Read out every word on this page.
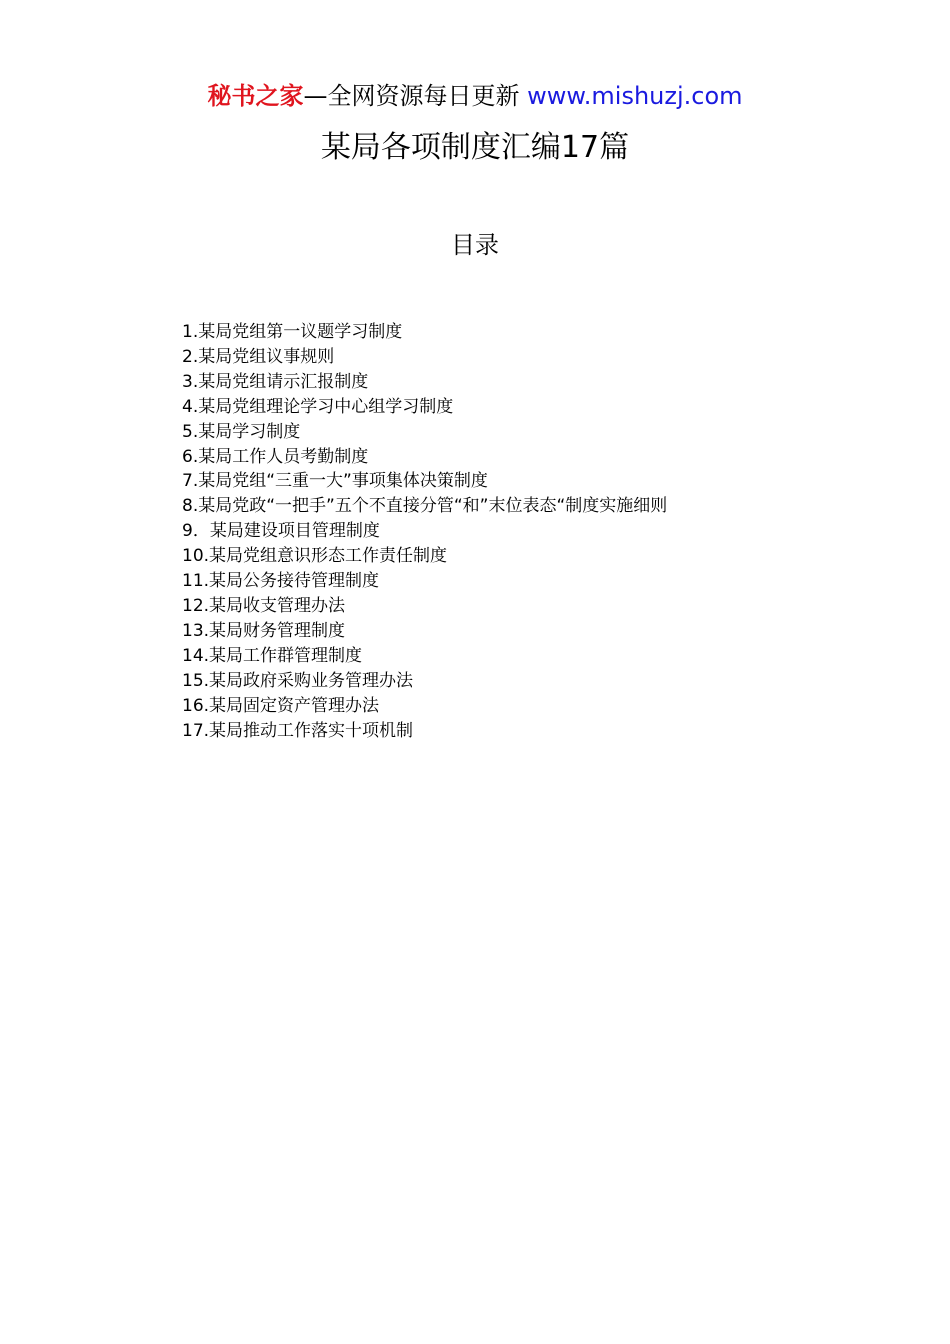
秘书之家—全网资源每日更新 www.mishuzj.com
某局各项制度汇编17篇
目录
1.某局党组第一议题学习制度
2.某局党组议事规则
3.某局党组请示汇报制度
4.某局党组理论学习中心组学习制度
5.某局学习制度
6.某局工作人员考勤制度
7.某局党组“三重一大”事项集体决策制度
8.某局党政“一把手”五个不直接分管“和”末位表态“制度实施细则
9．某局建设项目管理制度
10.某局党组意识形态工作责任制度
11.某局公务接待管理制度
12.某局收支管理办法
13.某局财务管理制度
14.某局工作群管理制度
15.某局政府采购业务管理办法
16.某局固定资产管理办法
17.某局推动工作落实十项机制
